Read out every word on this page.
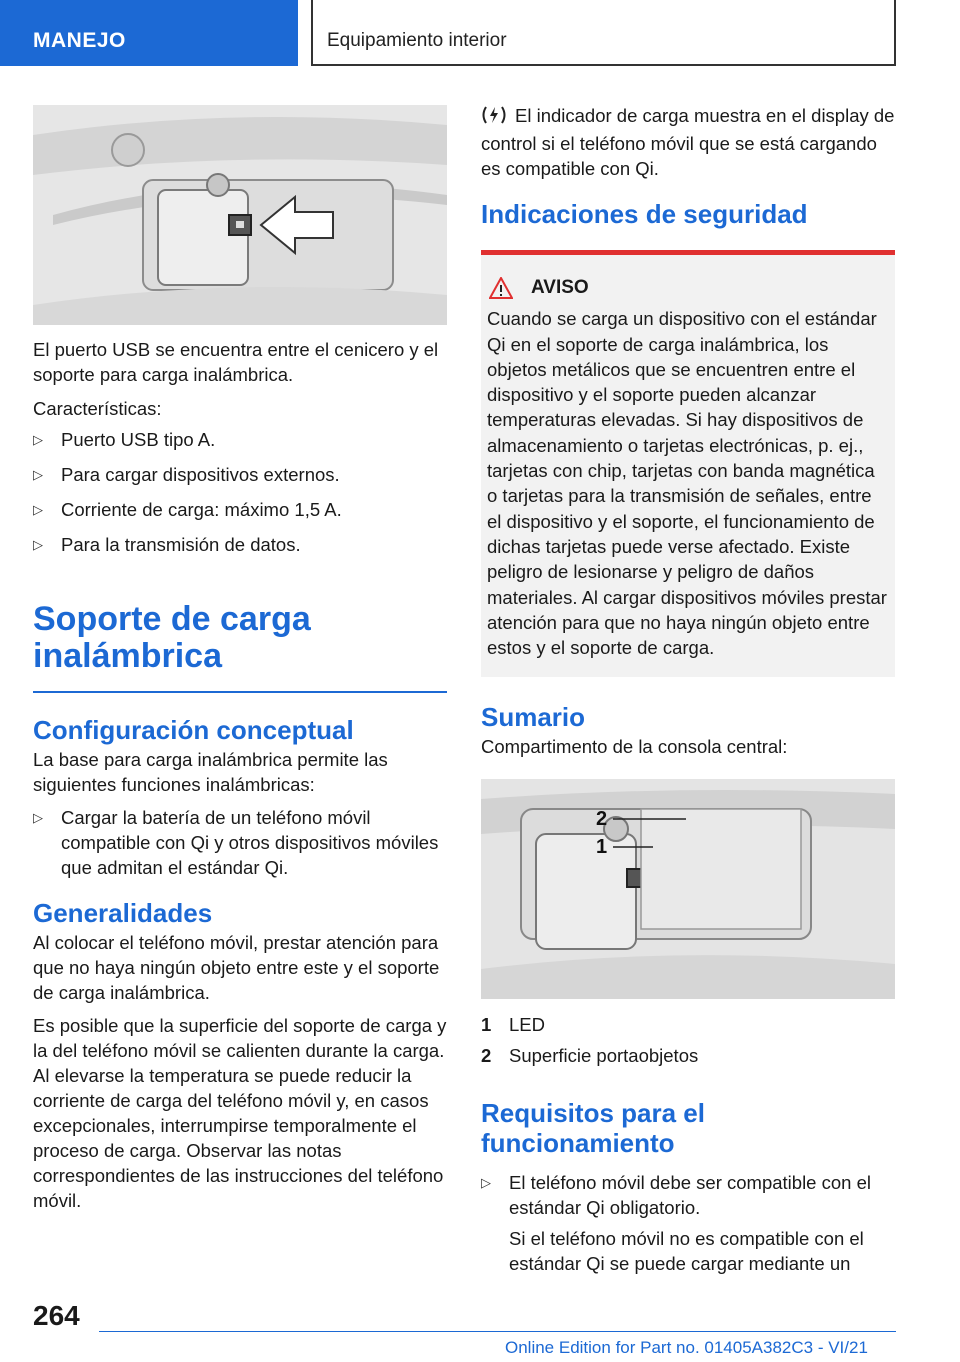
MANEJO	Equipamiento interior

El puerto USB se encuentra entre el cenicero y el soporte para carga inalámbrica.

Características:

▷ Puerto USB tipo A.
▷ Para cargar dispositivos externos.
▷ Corriente de carga: máximo 1,5 A.
▷ Para la transmisión de datos.
Soporte de carga inalámbrica
Configuración conceptual

La base para carga inalámbrica permite las siguientes funciones inalámbricas:

▷ Cargar la batería de un teléfono móvil compatible con Qi y otros dispositivos móviles que admitan el estándar Qi.
Generalidades

Al colocar el teléfono móvil, prestar atención para que no haya ningún objeto entre este y el soporte de carga inalámbrica.

Es posible que la superficie del soporte de carga y la del teléfono móvil se calienten durante la carga. Al elevarse la temperatura se puede reducir la corriente de carga del teléfono móvil y, en casos excepcionales, interrumpirse temporalmente el proceso de carga. Observar las notas correspondientes de las instrucciones del teléfono móvil.

El indicador de carga muestra en el display de control si el teléfono móvil que se está cargando es compatible con Qi.

Indicaciones de seguridad
AVISO

Cuando se carga un dispositivo con el estándar Qi en el soporte de carga inalámbrica, los objetos metálicos que se encuentren entre el dispositivo y el soporte pueden alcanzar temperaturas elevadas. Si hay dispositivos de almacenamiento o tarjetas electrónicas, p. ej., tarjetas con chip, tarjetas con banda magnética o tarjetas para la transmisión de señales, entre el dispositivo y el soporte, el funcionamiento de dichas tarjetas puede verse afectado. Existe peligro de lesionarse y peligro de daños materiales. Al cargar dispositivos móviles prestar atención para que no haya ningún objeto entre estos y el soporte de carga.

Sumario

Compartimento de la consola central:

2
1
1 LED
2 Superficie portaobjetos
Requisitos para el funcionamiento
▷ El teléfono móvil debe ser compatible con el estándar Qi obligatorio.

Si el teléfono móvil no es compatible con el estándar Qi se puede cargar mediante un

264
Online Edition for Part no. 01405A382C3 - VI/21
